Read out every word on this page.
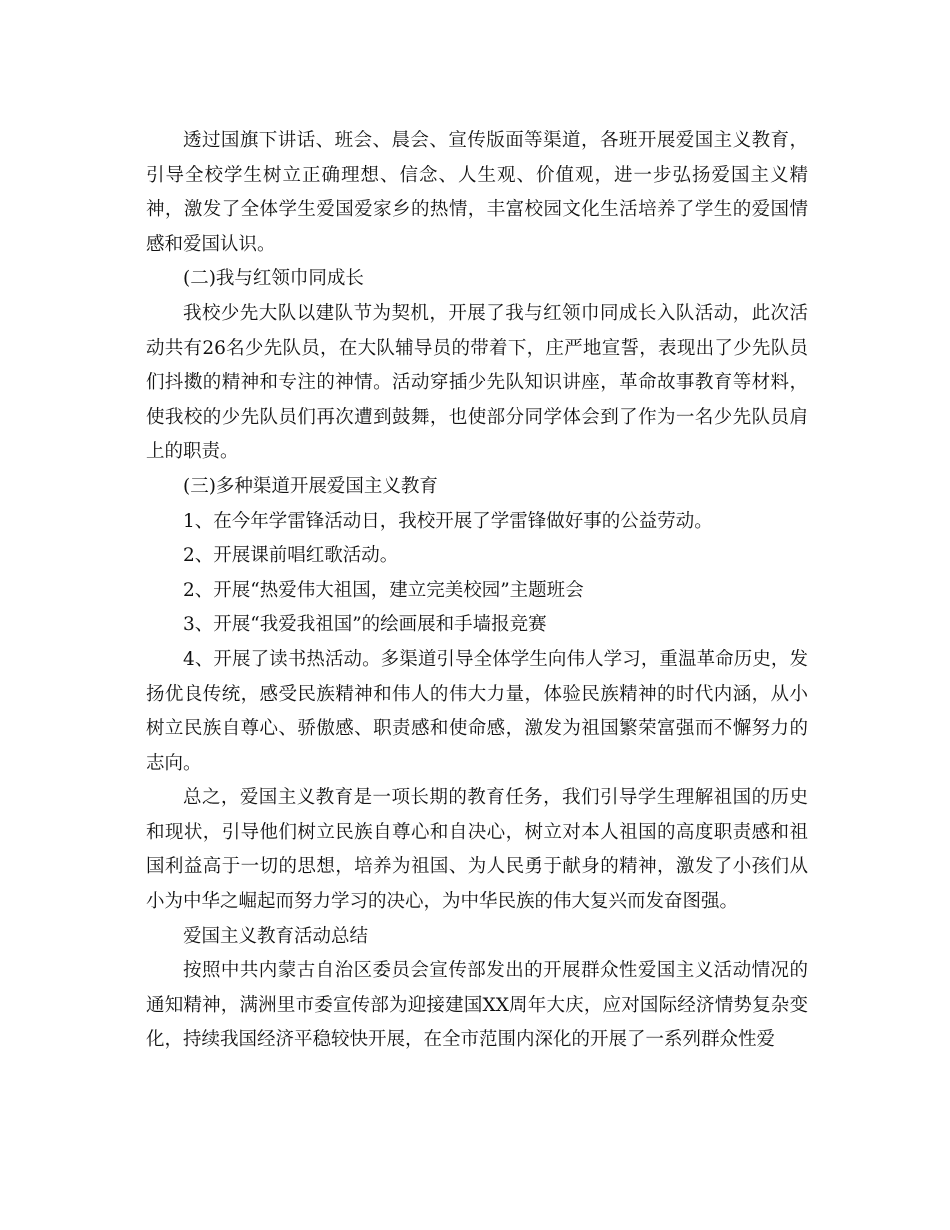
透过国旗下讲话、班会、晨会、宣传版面等渠道，各班开展爱国主义教育，引导全校学生树立正确理想、信念、人生观、价值观，进一步弘扬爱国主义精神，激发了全体学生爱国爱家乡的热情，丰富校园文化生活培养了学生的爱国情感和爱国认识。

(二)我与红领巾同成长

我校少先大队以建队节为契机，开展了我与红领巾同成长入队活动，此次活动共有26名少先队员，在大队辅导员的带着下，庄严地宣誓，表现出了少先队员们抖擞的精神和专注的神情。活动穿插少先队知识讲座，革命故事教育等材料，使我校的少先队员们再次遭到鼓舞，也使部分同学体会到了作为一名少先队员肩上的职责。

(三)多种渠道开展爱国主义教育

1、在今年学雷锋活动日，我校开展了学雷锋做好事的公益劳动。

2、开展课前唱红歌活动。

2、开展“热爱伟大祖国，建立完美校园”主题班会

3、开展“我爱我祖国”的绘画展和手墙报竞赛

4、开展了读书热活动。多渠道引导全体学生向伟人学习，重温革命历史，发扬优良传统，感受民族精神和伟人的伟大力量，体验民族精神的时代内涵，从小树立民族自尊心、骄傲感、职责感和使命感，激发为祖国繁荣富强而不懈努力的志向。

总之，爱国主义教育是一项长期的教育任务，我们引导学生理解祖国的历史和现状，引导他们树立民族自尊心和自决心，树立对本人祖国的高度职责感和祖国利益高于一切的思想，培养为祖国、为人民勇于献身的精神，激发了小孩们从小为中华之崛起而努力学习的决心，为中华民族的伟大复兴而发奋图强。

爱国主义教育活动总结

按照中共内蒙古自治区委员会宣传部发出的开展群众性爱国主义活动情况的通知精神，满洲里市委宣传部为迎接建国XX周年大庆，应对国际经济情势复杂变化，持续我国经济平稳较快开展，在全市范围内深化的开展了一系列群众性爱
